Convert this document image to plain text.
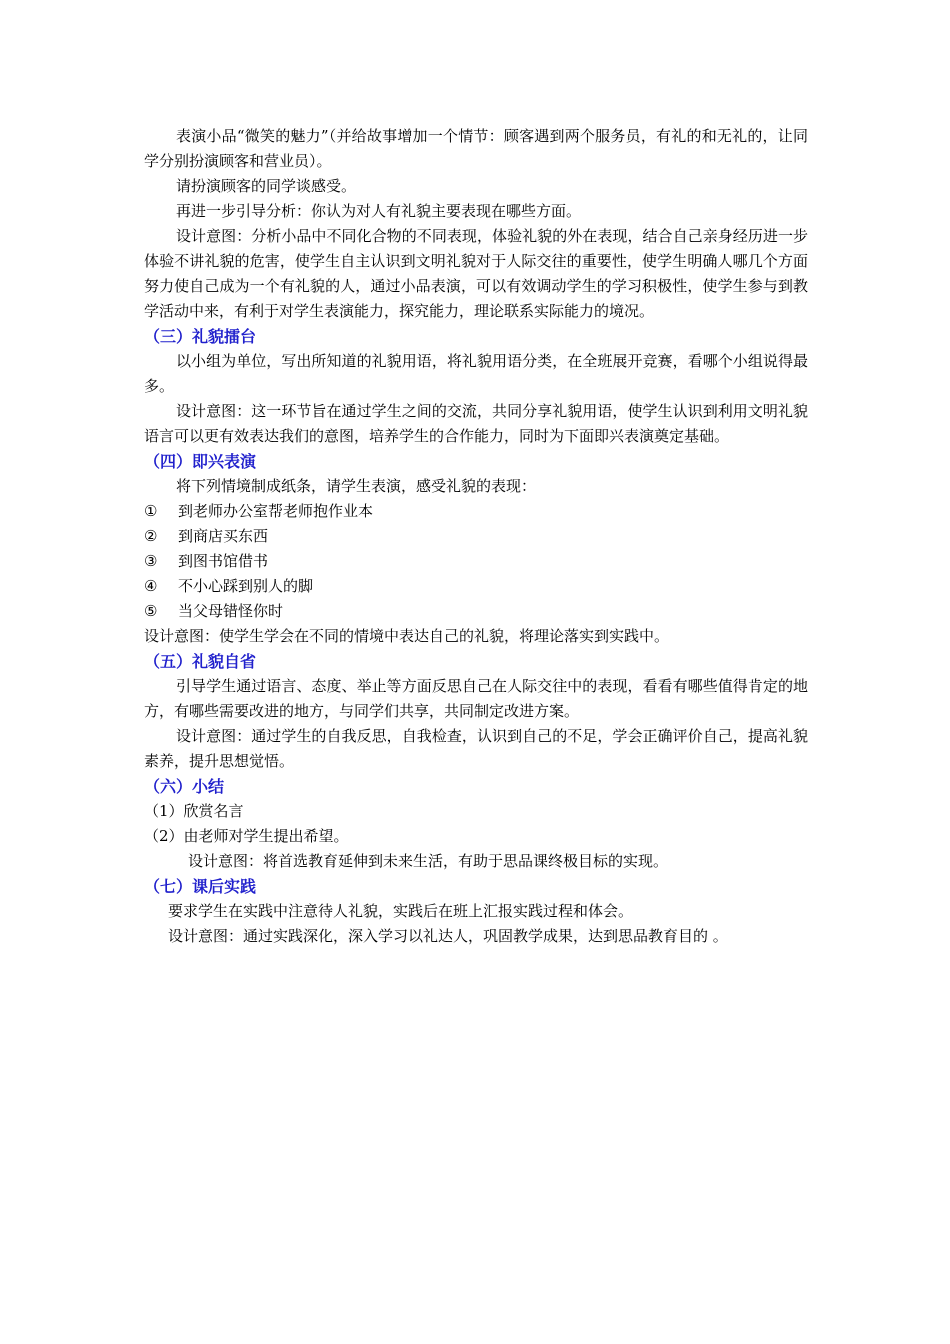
表演小品“微笑的魅力”（并给故事增加一个情节：顾客遇到两个服务员，有礼的和无礼的，让同学分别扮演顾客和营业员）。

请扮演顾客的同学谈感受。

再进一步引导分析：你认为对人有礼貌主要表现在哪些方面。

设计意图：分析小品中不同化合物的不同表现，体验礼貌的外在表现，结合自己亲身经历进一步体验不讲礼貌的危害，使学生自主认识到文明礼貌对于人际交往的重要性，使学生明确人哪几个方面努力使自己成为一个有礼貌的人，通过小品表演，可以有效调动学生的学习积极性，使学生参与到教学活动中来，有利于对学生表演能力，探究能力，理论联系实际能力的境况。

（三）礼貌擂台

以小组为单位，写出所知道的礼貌用语，将礼貌用语分类，在全班展开竞赛，看哪个小组说得最多。

设计意图：这一环节旨在通过学生之间的交流，共同分享礼貌用语，使学生认识到利用文明礼貌语言可以更有效表达我们的意图，培养学生的合作能力，同时为下面即兴表演奠定基础。

（四）即兴表演

将下列情境制成纸条，请学生表演，感受礼貌的表现：

①	到老师办公室帮老师抱作业本
②	到商店买东西
③	到图书馆借书
④	不小心踩到别人的脚
⑤	当父母错怪你时

设计意图：使学生学会在不同的情境中表达自己的礼貌，将理论落实到实践中。

（五）礼貌自省

引导学生通过语言、态度、举止等方面反思自己在人际交往中的表现，看看有哪些值得肯定的地方，有哪些需要改进的地方，与同学们共享，共同制定改进方案。

设计意图：通过学生的自我反思，自我检查，认识到自己的不足，学会正确评价自己，提高礼貌素养，提升思想觉悟。

（六）小结

（1）欣赏名言

（2）由老师对学生提出希望。

设计意图：将首选教育延伸到未来生活，有助于思品课终极目标的实现。

（七）课后实践

要求学生在实践中注意待人礼貌，实践后在班上汇报实践过程和体会。

设计意图：通过实践深化，深入学习以礼达人，巩固教学成果，达到思品教育目的 。
